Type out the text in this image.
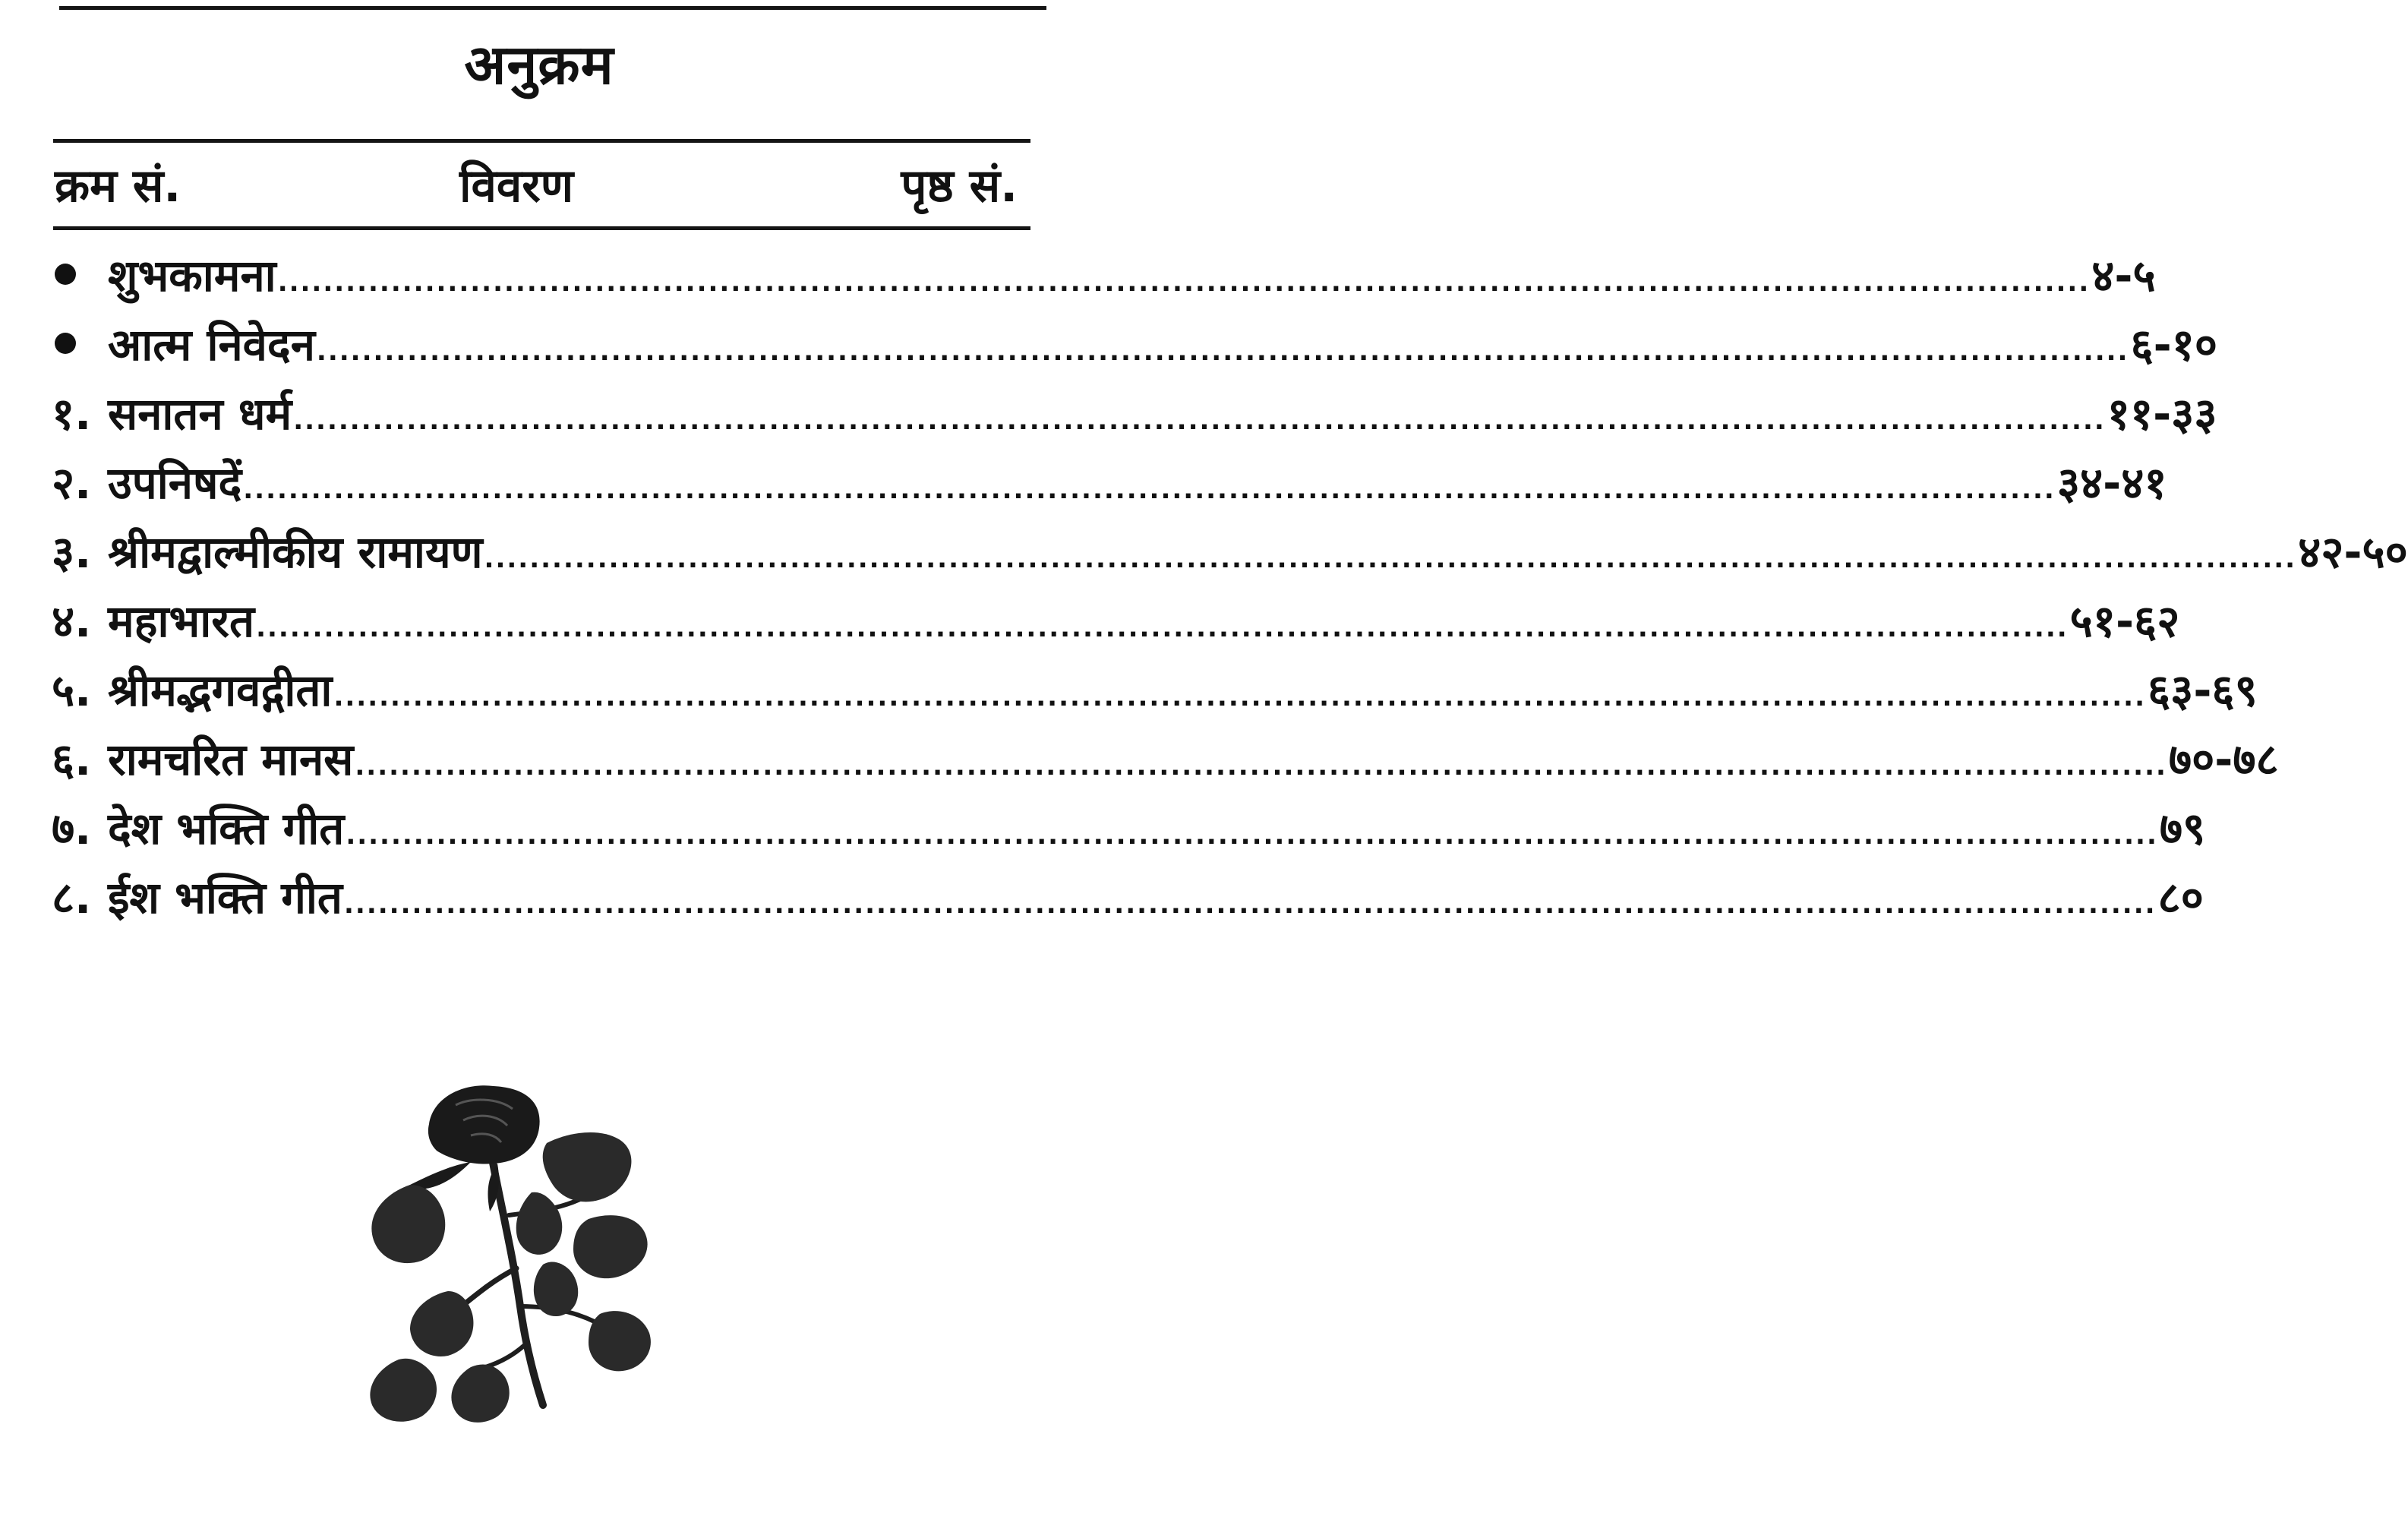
अनुक्रम
क्रम सं.	विवरण	पृष्ठ सं.
शुभकामना ................................................................................................................................................................ ४-५
आत्म निवेदन ................................................................................................................................................................ ६-१०
१. सनातन धर्म ................................................................................................................................................................ ११-३३
२. उपनिषदें ................................................................................................................................................................ ३४-४१
३. श्रीमद्वाल्मीकीय रामायण ................................................................................................................................................................ ४२-५०
४. महाभारत ................................................................................................................................................................ ५१-६२
५. श्रीमद्भगवद्गीता ................................................................................................................................................................ ६३-६९
६. रामचरित मानस ................................................................................................................................................................ ७०-७८
७. देश भक्ति गीत ................................................................................................................................................................ ७९
८. ईश भक्ति गीत ................................................................................................................................................................ ८०
